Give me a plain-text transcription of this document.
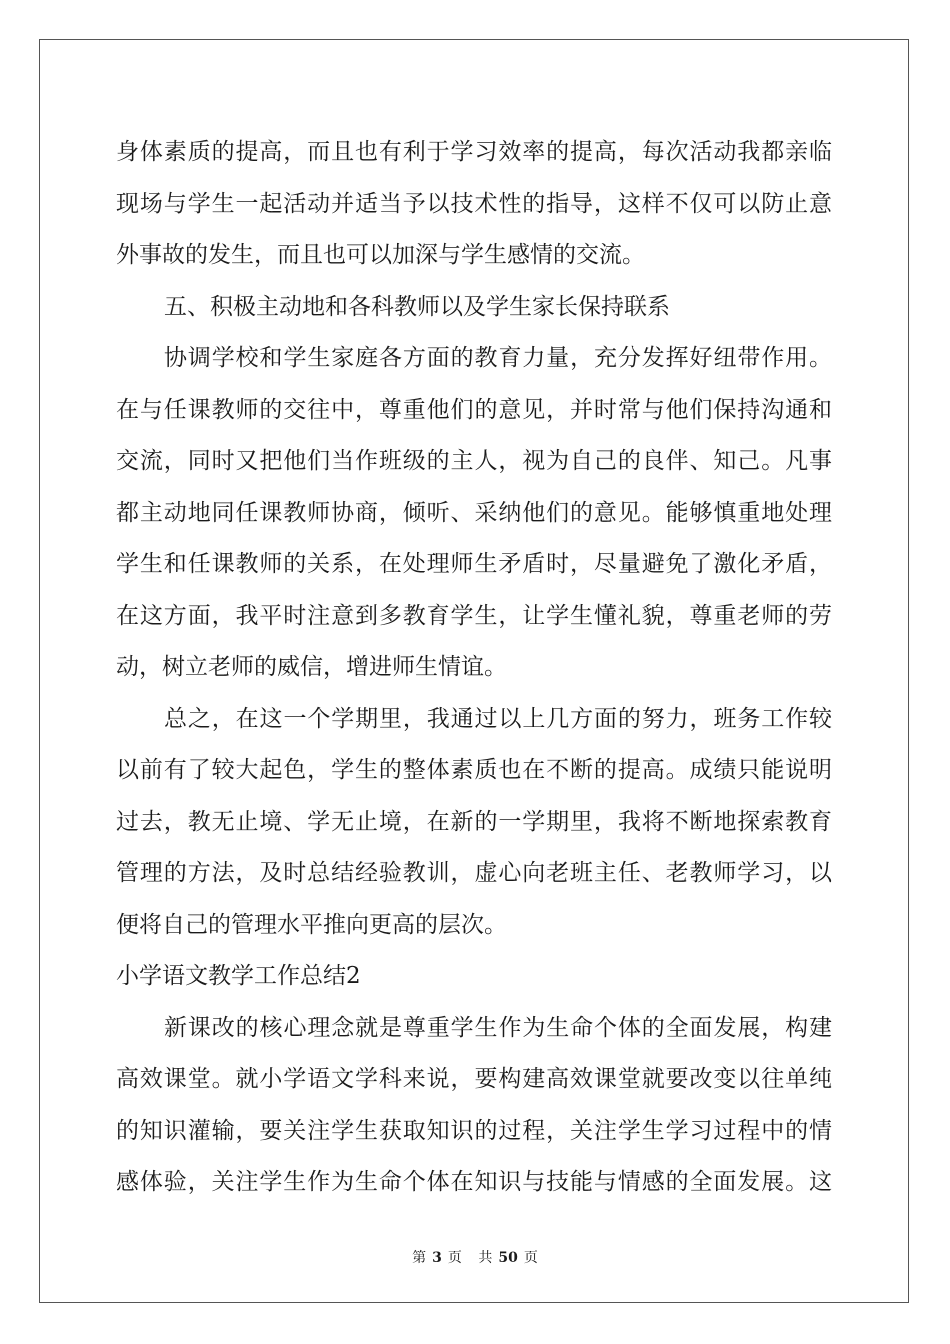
身体素质的提高，而且也有利于学习效率的提高，每次活动我都亲临
现场与学生一起活动并适当予以技术性的指导，这样不仅可以防止意
外事故的发生，而且也可以加深与学生感情的交流。
五、积极主动地和各科教师以及学生家长保持联系
协调学校和学生家庭各方面的教育力量，充分发挥好纽带作用。
在与任课教师的交往中，尊重他们的意见，并时常与他们保持沟通和
交流，同时又把他们当作班级的主人，视为自己的良伴、知己。凡事
都主动地同任课教师协商，倾听、采纳他们的意见。能够慎重地处理
学生和任课教师的关系，在处理师生矛盾时，尽量避免了激化矛盾，
在这方面，我平时注意到多教育学生，让学生懂礼貌，尊重老师的劳
动，树立老师的威信，增进师生情谊。
总之，在这一个学期里，我通过以上几方面的努力，班务工作较
以前有了较大起色，学生的整体素质也在不断的提高。成绩只能说明
过去，教无止境、学无止境，在新的一学期里，我将不断地探索教育
管理的方法，及时总结经验教训，虚心向老班主任、老教师学习，以
便将自己的管理水平推向更高的层次。
小学语文教学工作总结2
新课改的核心理念就是尊重学生作为生命个体的全面发展，构建
高效课堂。就小学语文学科来说，要构建高效课堂就要改变以往单纯
的知识灌输，要关注学生获取知识的过程，关注学生学习过程中的情
感体验，关注学生作为生命个体在知识与技能与情感的全面发展。这
第 3 页 共 50 页
